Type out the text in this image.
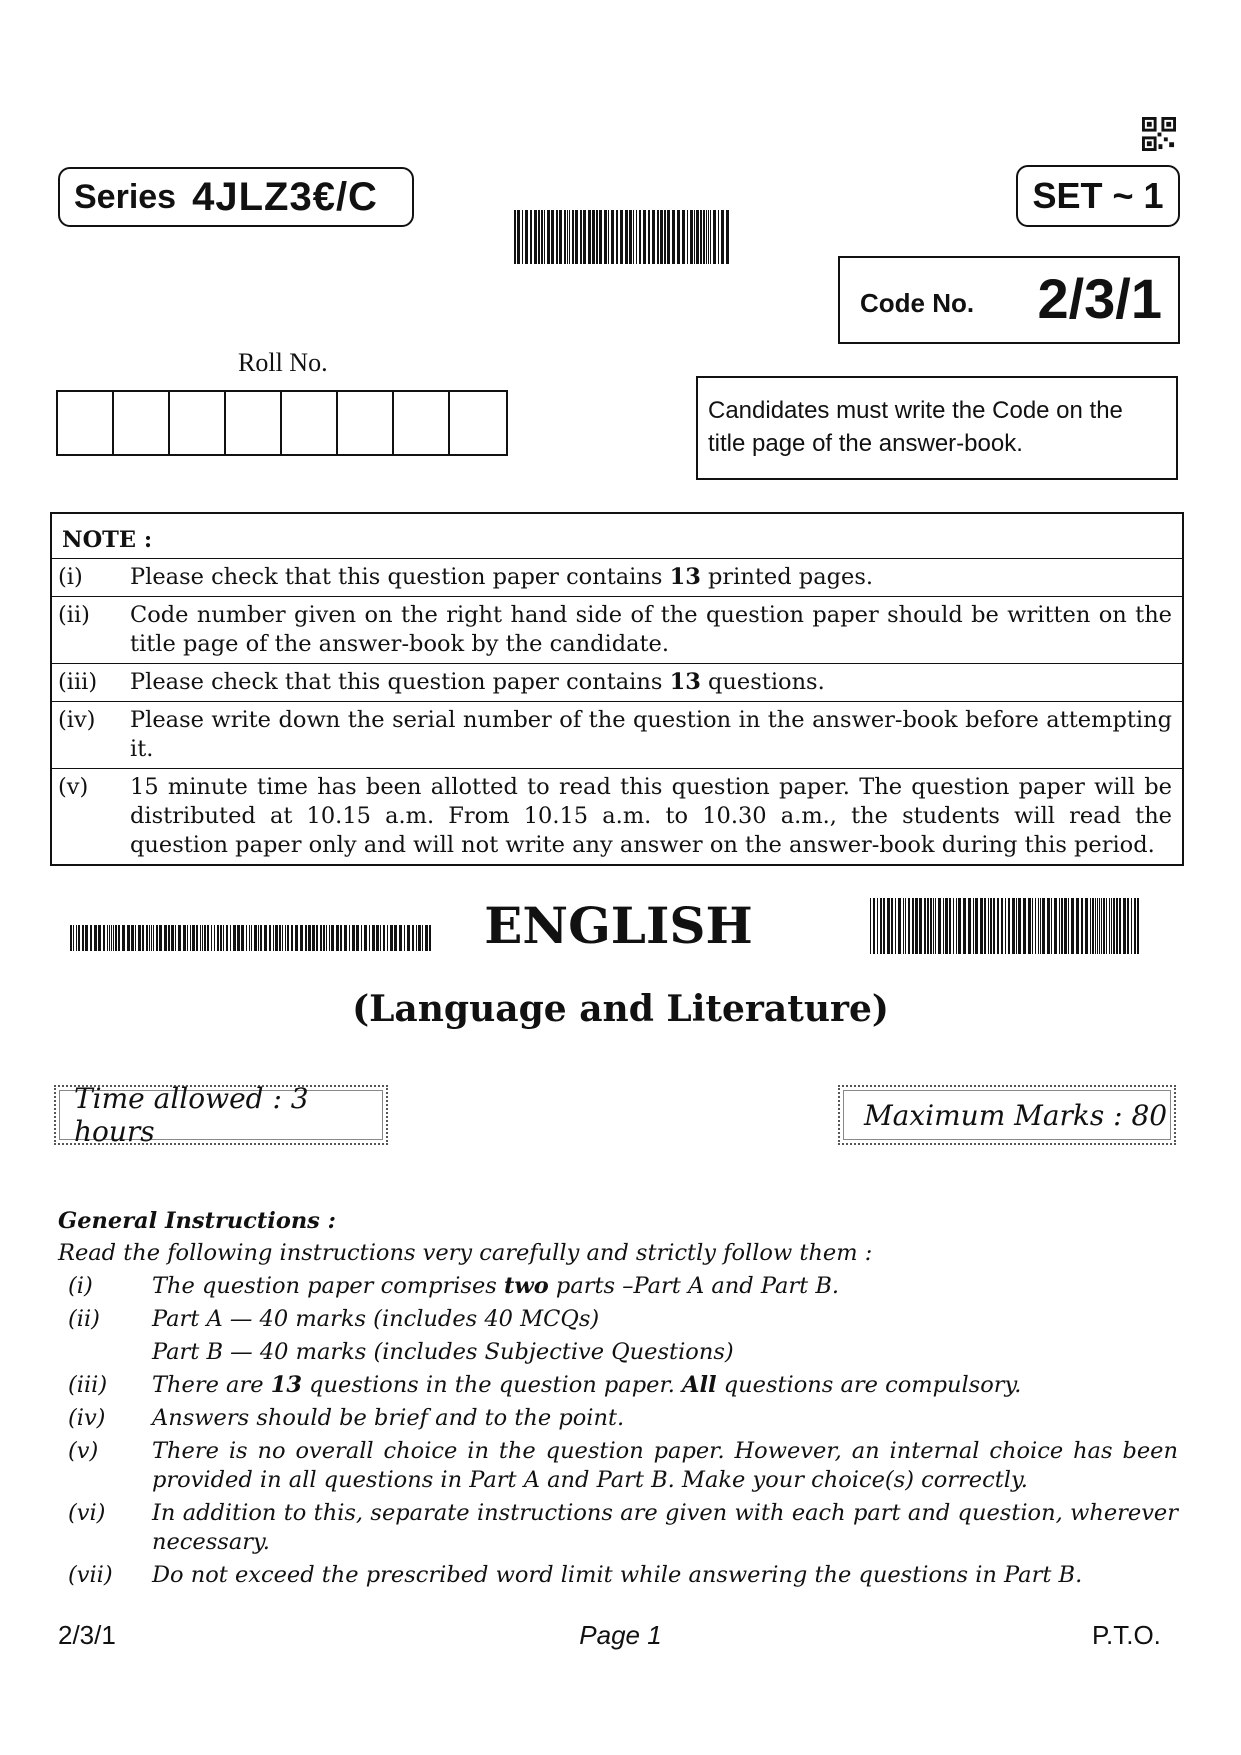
Series 4JLZ3€/C	SET ~ 1
Code No. 2/3/1
Roll No.
Candidates must write the Code on the title page of the answer-book.
NOTE :	
(i)	Please check that this question paper contains 13 printed pages.
(ii)	Code number given on the right hand side of the question paper should be written on the title page of the answer-book by the candidate.
(iii)	Please check that this question paper contains 13 questions.
(iv)	Please write down the serial number of the question in the answer-book before attempting it.
(v)	15 minute time has been allotted to read this question paper. The question paper will be distributed at 10.15 a.m. From 10.15 a.m. to 10.30 a.m., the students will read the question paper only and will not write any answer on the answer-book during this period.
ENGLISH
(Language and Literature)
Time allowed : 3 hours	Maximum Marks : 80
General Instructions :
Read the following instructions very carefully and strictly follow them :
(i)	The question paper comprises two parts –Part A and Part B.
(ii)	Part A — 40 marks (includes 40 MCQs)
Part B — 40 marks (includes Subjective Questions)
(iii)	There are 13 questions in the question paper. All questions are compulsory.
(iv)	Answers should be brief and to the point.
(v)	There is no overall choice in the question paper. However, an internal choice has been provided in all questions in Part A and Part B. Make your choice(s) correctly.
(vi)	In addition to this, separate instructions are given with each part and question, wherever necessary.
(vii)	Do not exceed the prescribed word limit while answering the questions in Part B.
2/3/1	Page 1	P.T.O.
